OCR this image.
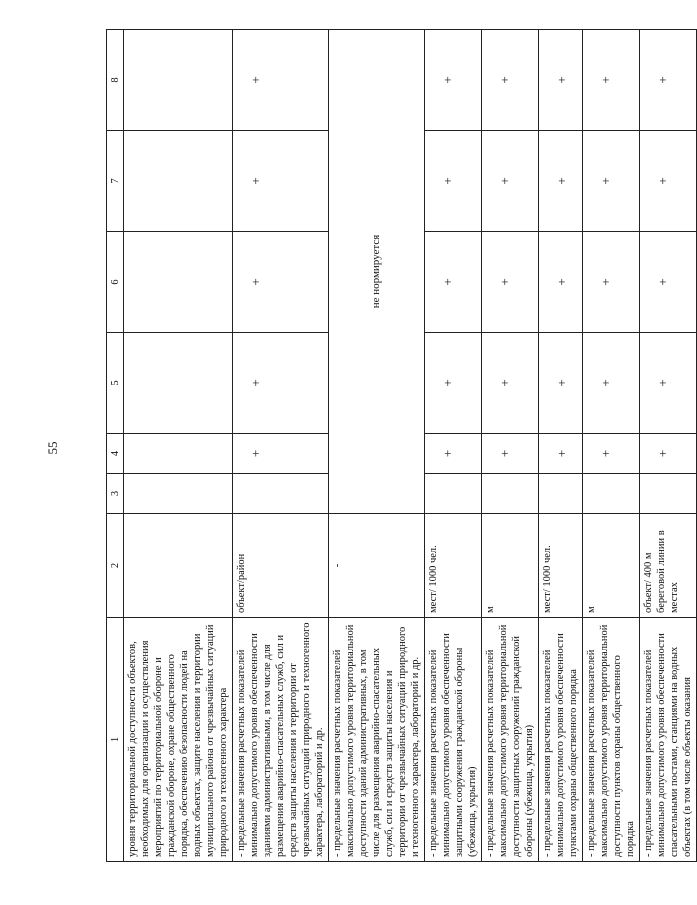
55
1	2	3	4	5	6	7	8
уровня территориальной доступности объектов, необходимых для организации и осуществления мероприятий по территориальной обороне и гражданской обороне, охране общественного порядка, обеспечению безопасности людей на водных объектах, защите населения и территории муниципального района от чрезвычайных ситуаций природного и техногенного характера							
- предельные значения расчетных показателей минимально допустимого уровня обеспеченности зданиями административными, в том числе для размещения аварийно-спасательных служб, сил и средств защиты населения и территории от чрезвычайных ситуаций природного и техногенного характера, лабораторий и др.	объект/район		+	+	+	+	+
- предельные значения расчетных показателей максимально допустимого уровня территориальной доступности зданий административных, в том числе для размещения аварийно-спасательных служб, сил и средств защиты населения и территории от чрезвычайных ситуаций природного и техногенного характера, лабораторий и др.	-	не нормируется					
- предельные значения расчетных показателей минимально допустимого уровня обеспеченности защитными сооружения гражданской обороны (убежища, укрытия)	мест/ 1000 чел.		+	+	+	+	+
- предельные значения расчетных показателей максимально допустимого уровня территориальной доступности защитных сооружений гражданской обороны (убежища, укрытия)	м		+	+	+	+	+
- предельные значения расчетных показателей минимально допустимого уровня обеспеченности пунктами охраны общественного порядка	мест/ 1000 чел.		+	+	+	+	+
- предельные значения расчетных показателей максимально допустимого уровня территориальной доступности пунктов охраны общественного порядка	м		+	+	+	+	+
- предельные значения расчетных показателей минимально допустимого уровня обеспеченности спасательными постами, станциями на водных объектах (в том числе объекты оказания	объект/ 400 м береговой линии в местах		+	+	+	+	+
